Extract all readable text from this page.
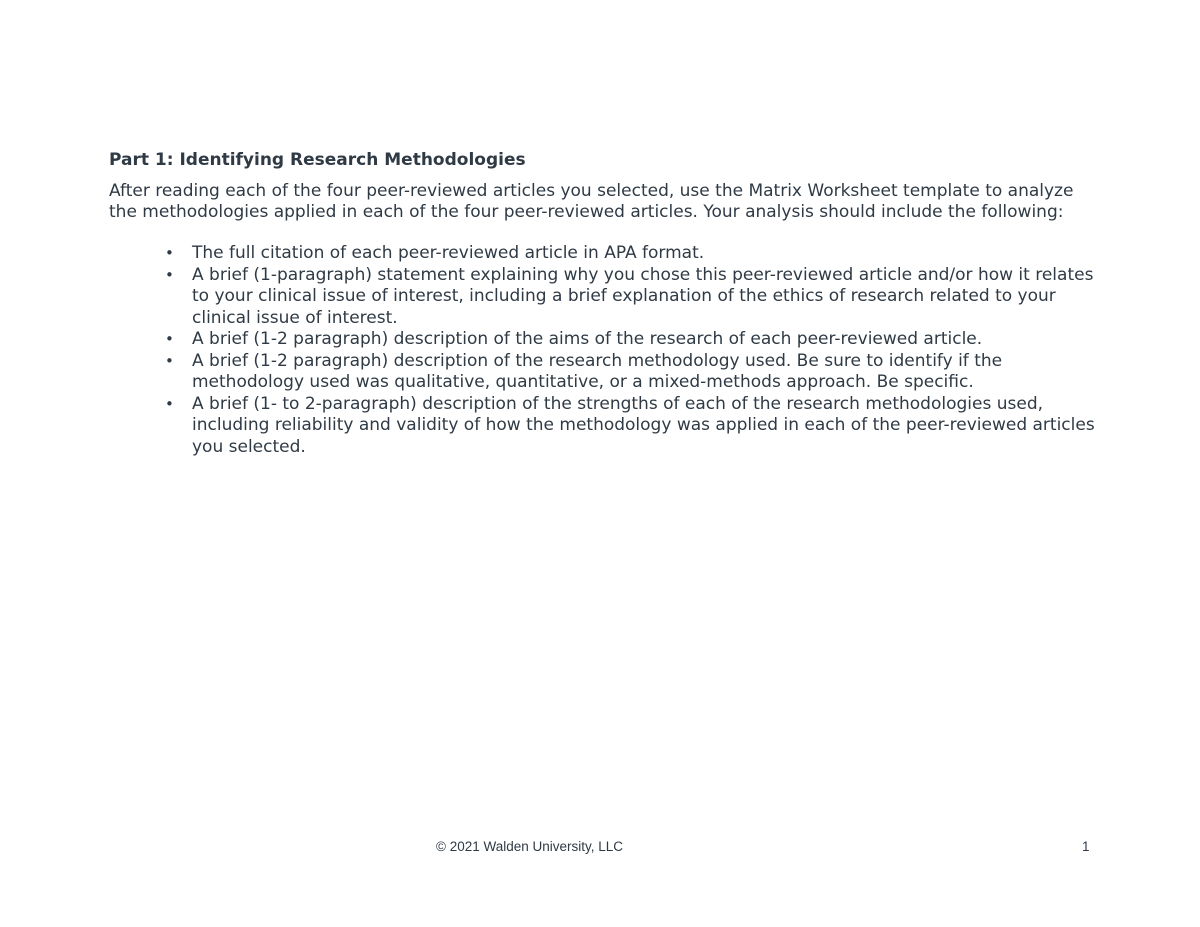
Part 1: Identifying Research Methodologies

After reading each of the four peer-reviewed articles you selected, use the Matrix Worksheet template to analyze the methodologies applied in each of the four peer-reviewed articles. Your analysis should include the following:

• The full citation of each peer-reviewed article in APA format.
• A brief (1-paragraph) statement explaining why you chose this peer-reviewed article and/or how it relates to your clinical issue of interest, including a brief explanation of the ethics of research related to your clinical issue of interest.
• A brief (1-2 paragraph) description of the aims of the research of each peer-reviewed article.
• A brief (1-2 paragraph) description of the research methodology used. Be sure to identify if the methodology used was qualitative, quantitative, or a mixed-methods approach. Be specific.
• A brief (1- to 2-paragraph) description of the strengths of each of the research methodologies used, including reliability and validity of how the methodology was applied in each of the peer-reviewed articles you selected.
© 2021 Walden University, LLC	1
